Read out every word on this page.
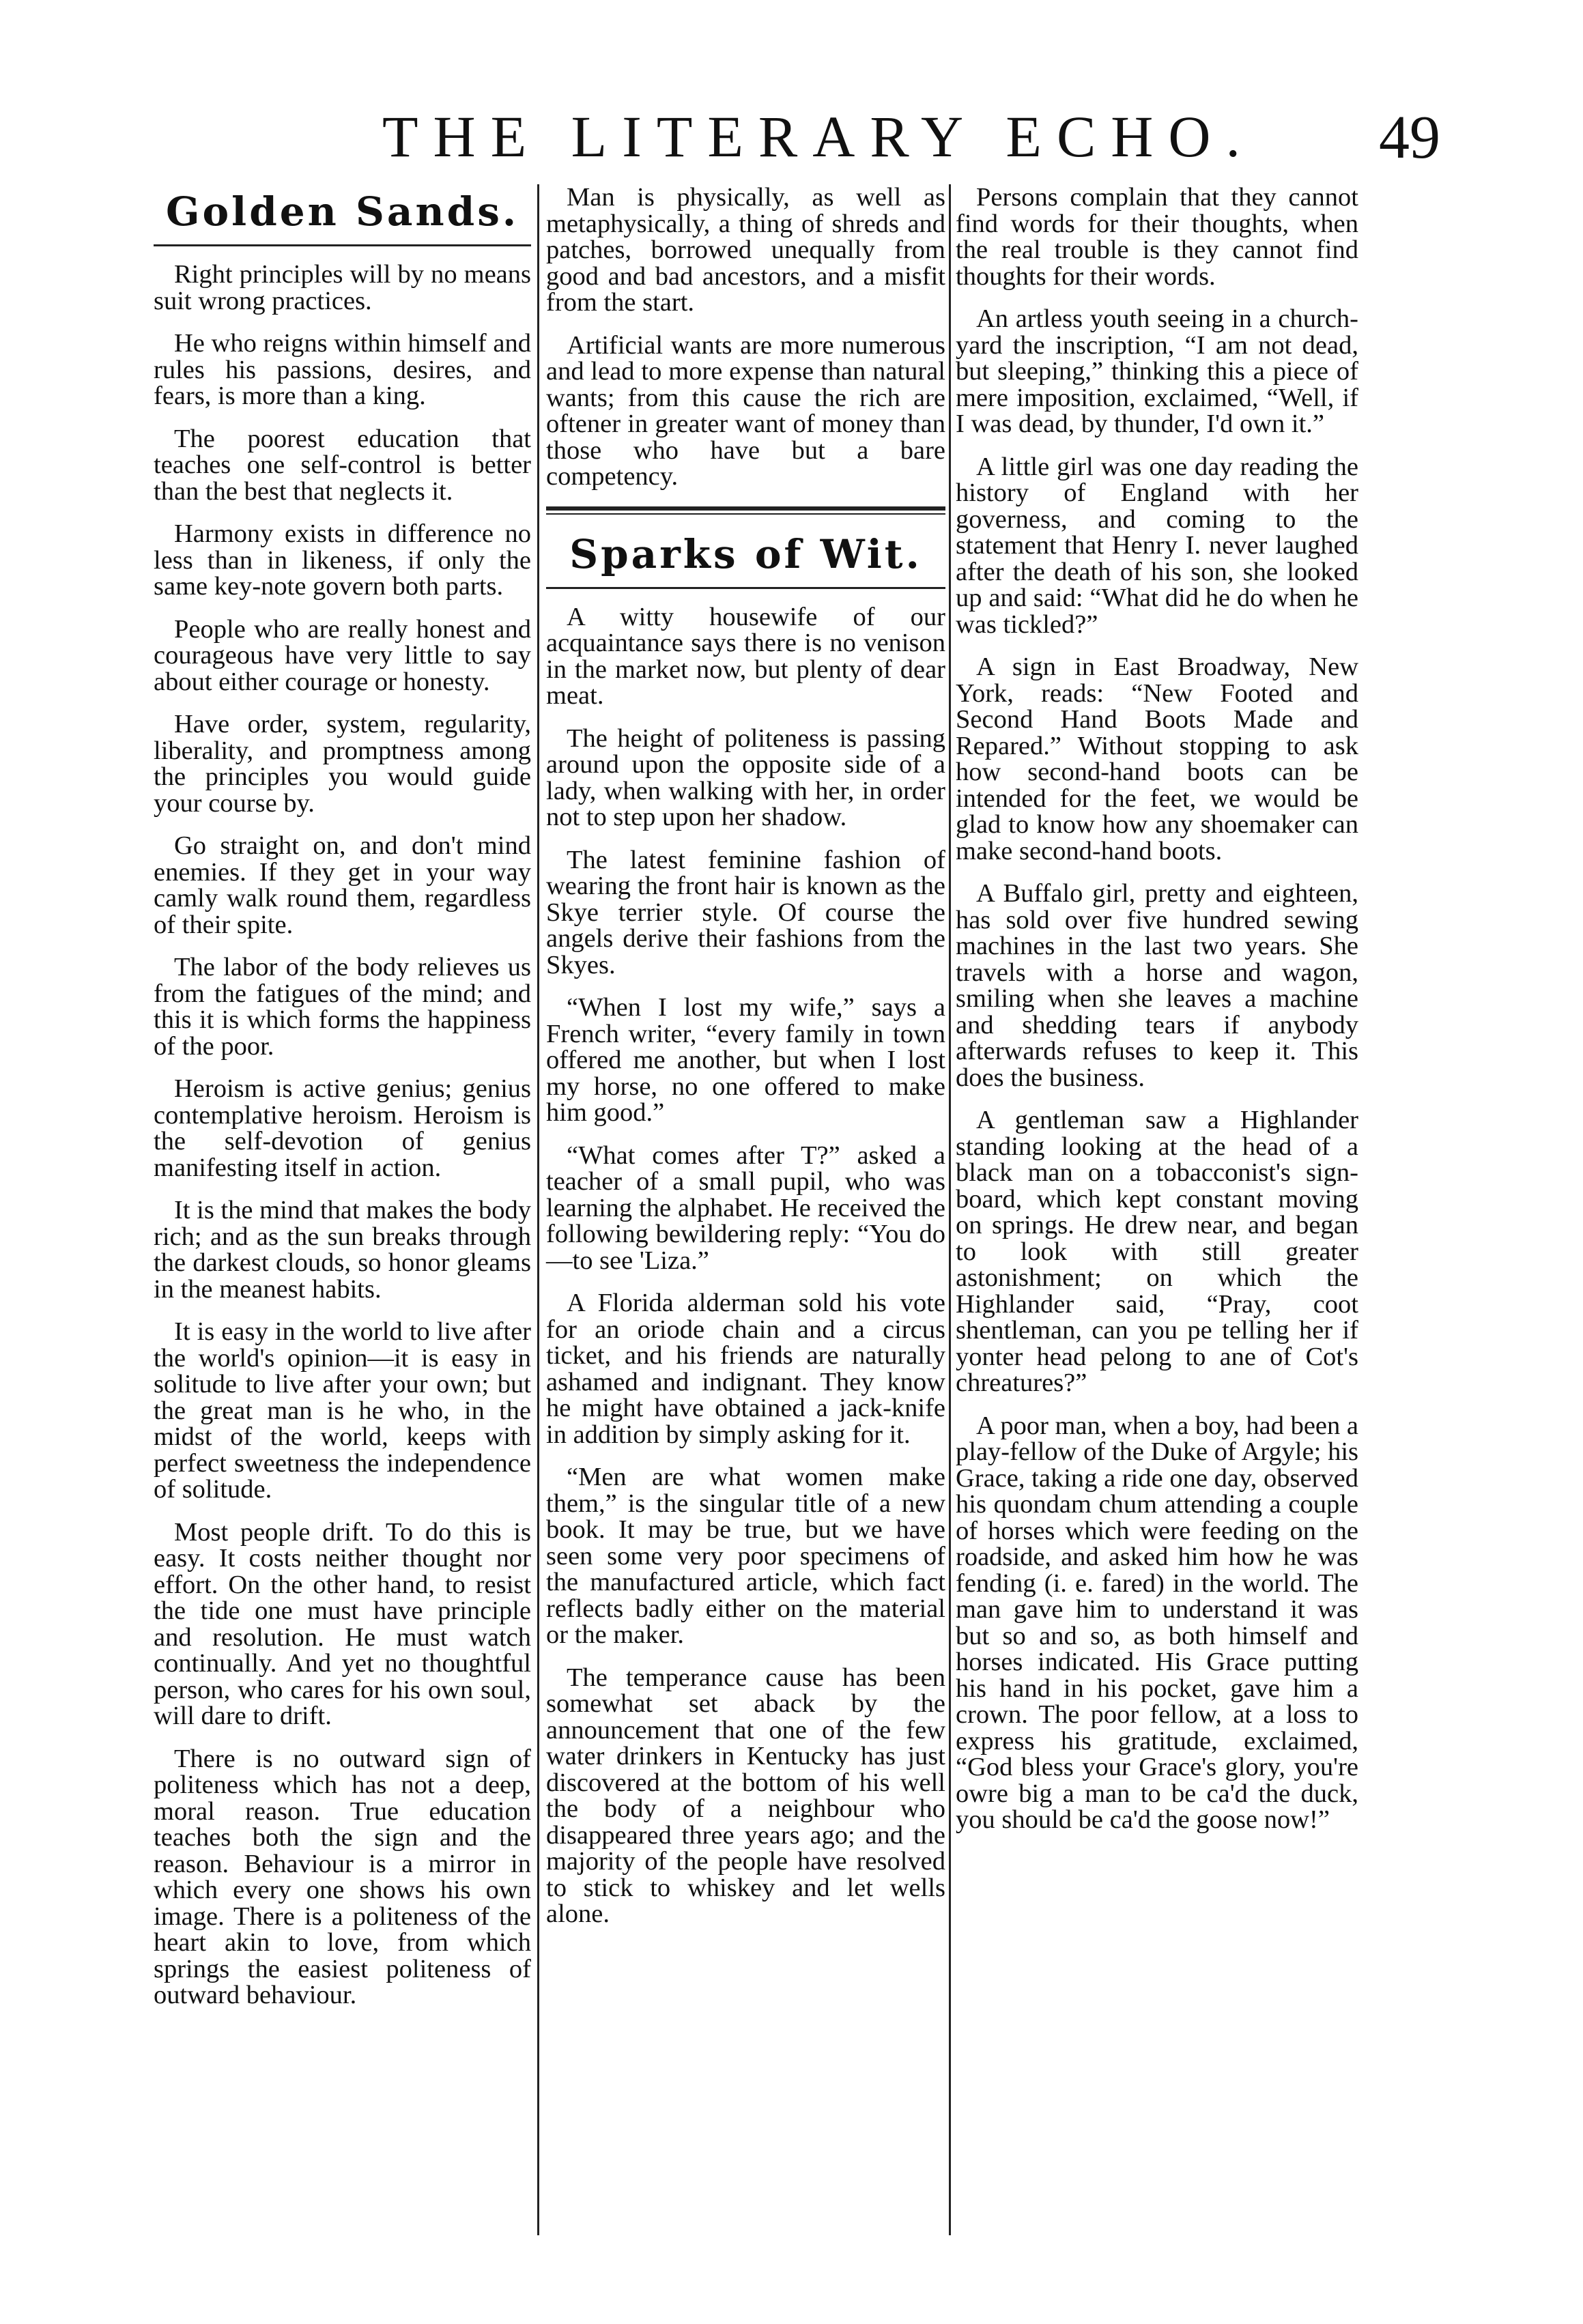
THE LITERARY ECHO.	49
Golden Sands.

Right principles will by no means suit wrong practices.

He who reigns within himself and rules his passions, desires, and fears, is more than a king.

The poorest education that teaches one self-control is better than the best that neglects it.

Harmony exists in difference no less than in likeness, if only the same key-note govern both parts.

People who are really honest and courageous have very little to say about either courage or honesty.

Have order, system, regularity, liberality, and promptness among the principles you would guide your course by.

Go straight on, and don't mind enemies. If they get in your way camly walk round them, regardless of their spite.

The labor of the body relieves us from the fatigues of the mind; and this it is which forms the happiness of the poor.

Heroism is active genius; genius contemplative heroism. Heroism is the self-devotion of genius manifesting itself in action.

It is the mind that makes the body rich; and as the sun breaks through the darkest clouds, so honor gleams in the meanest habits.

It is easy in the world to live after the world's opinion—it is easy in solitude to live after your own; but the great man is he who, in the midst of the world, keeps with perfect sweetness the independence of solitude.

Most people drift. To do this is easy. It costs neither thought nor effort. On the other hand, to resist the tide one must have principle and resolution. He must watch continually. And yet no thoughtful person, who cares for his own soul, will dare to drift.

There is no outward sign of politeness which has not a deep, moral reason. True education teaches both the sign and the reason. Behaviour is a mirror in which every one shows his own image. There is a politeness of the heart akin to love, from which springs the easiest politeness of outward behaviour.

Man is physically, as well as metaphysically, a thing of shreds and patches, borrowed unequally from good and bad ancestors, and a misfit from the start.

Artificial wants are more numerous and lead to more expense than natural wants; from this cause the rich are oftener in greater want of money than those who have but a bare competency.

Sparks of Wit.

A witty housewife of our acquaintance says there is no venison in the market now, but plenty of dear meat.

The height of politeness is passing around upon the opposite side of a lady, when walking with her, in order not to step upon her shadow.

The latest feminine fashion of wearing the front hair is known as the Skye terrier style. Of course the angels derive their fashions from the Skyes.

“When I lost my wife,” says a French writer, “every family in town offered me another, but when I lost my horse, no one offered to make him good.”

“What comes after T?” asked a teacher of a small pupil, who was learning the alphabet. He received the following bewildering reply: “You do—to see 'Liza.”

A Florida alderman sold his vote for an oriode chain and a circus ticket, and his friends are naturally ashamed and indignant. They know he might have obtained a jack-knife in addition by simply asking for it.

“Men are what women make them,” is the singular title of a new book. It may be true, but we have seen some very poor specimens of the manufactured article, which fact reflects badly either on the material or the maker.

The temperance cause has been somewhat set aback by the announcement that one of the few water drinkers in Kentucky has just discovered at the bottom of his well the body of a neighbour who disappeared three years ago; and the majority of the people have resolved to stick to whiskey and let wells alone.

Persons complain that they cannot find words for their thoughts, when the real trouble is they cannot find thoughts for their words.

An artless youth seeing in a church-yard the inscription, “I am not dead, but sleeping,” thinking this a piece of mere imposition, exclaimed, “Well, if I was dead, by thunder, I'd own it.”

A little girl was one day reading the history of England with her governess, and coming to the statement that Henry I. never laughed after the death of his son, she looked up and said: “What did he do when he was tickled?”

A sign in East Broadway, New York, reads: “New Footed and Second Hand Boots Made and Repared.” Without stopping to ask how second-hand boots can be intended for the feet, we would be glad to know how any shoemaker can make second-hand boots.

A Buffalo girl, pretty and eighteen, has sold over five hundred sewing machines in the last two years. She travels with a horse and wagon, smiling when she leaves a machine and shedding tears if anybody afterwards refuses to keep it. This does the business.

A gentleman saw a Highlander standing looking at the head of a black man on a tobacconist's sign-board, which kept constant moving on springs. He drew near, and began to look with still greater astonishment; on which the Highlander said, “Pray, coot shentleman, can you pe telling her if yonter head pelong to ane of Cot's chreatures?”

A poor man, when a boy, had been a play-fellow of the Duke of Argyle; his Grace, taking a ride one day, observed his quondam chum attending a couple of horses which were feeding on the roadside, and asked him how he was fending (i. e. fared) in the world. The man gave him to understand it was but so and so, as both himself and horses indicated. His Grace putting his hand in his pocket, gave him a crown. The poor fellow, at a loss to express his gratitude, exclaimed, “God bless your Grace's glory, you're owre big a man to be ca'd the duck, you should be ca'd the goose now!”
